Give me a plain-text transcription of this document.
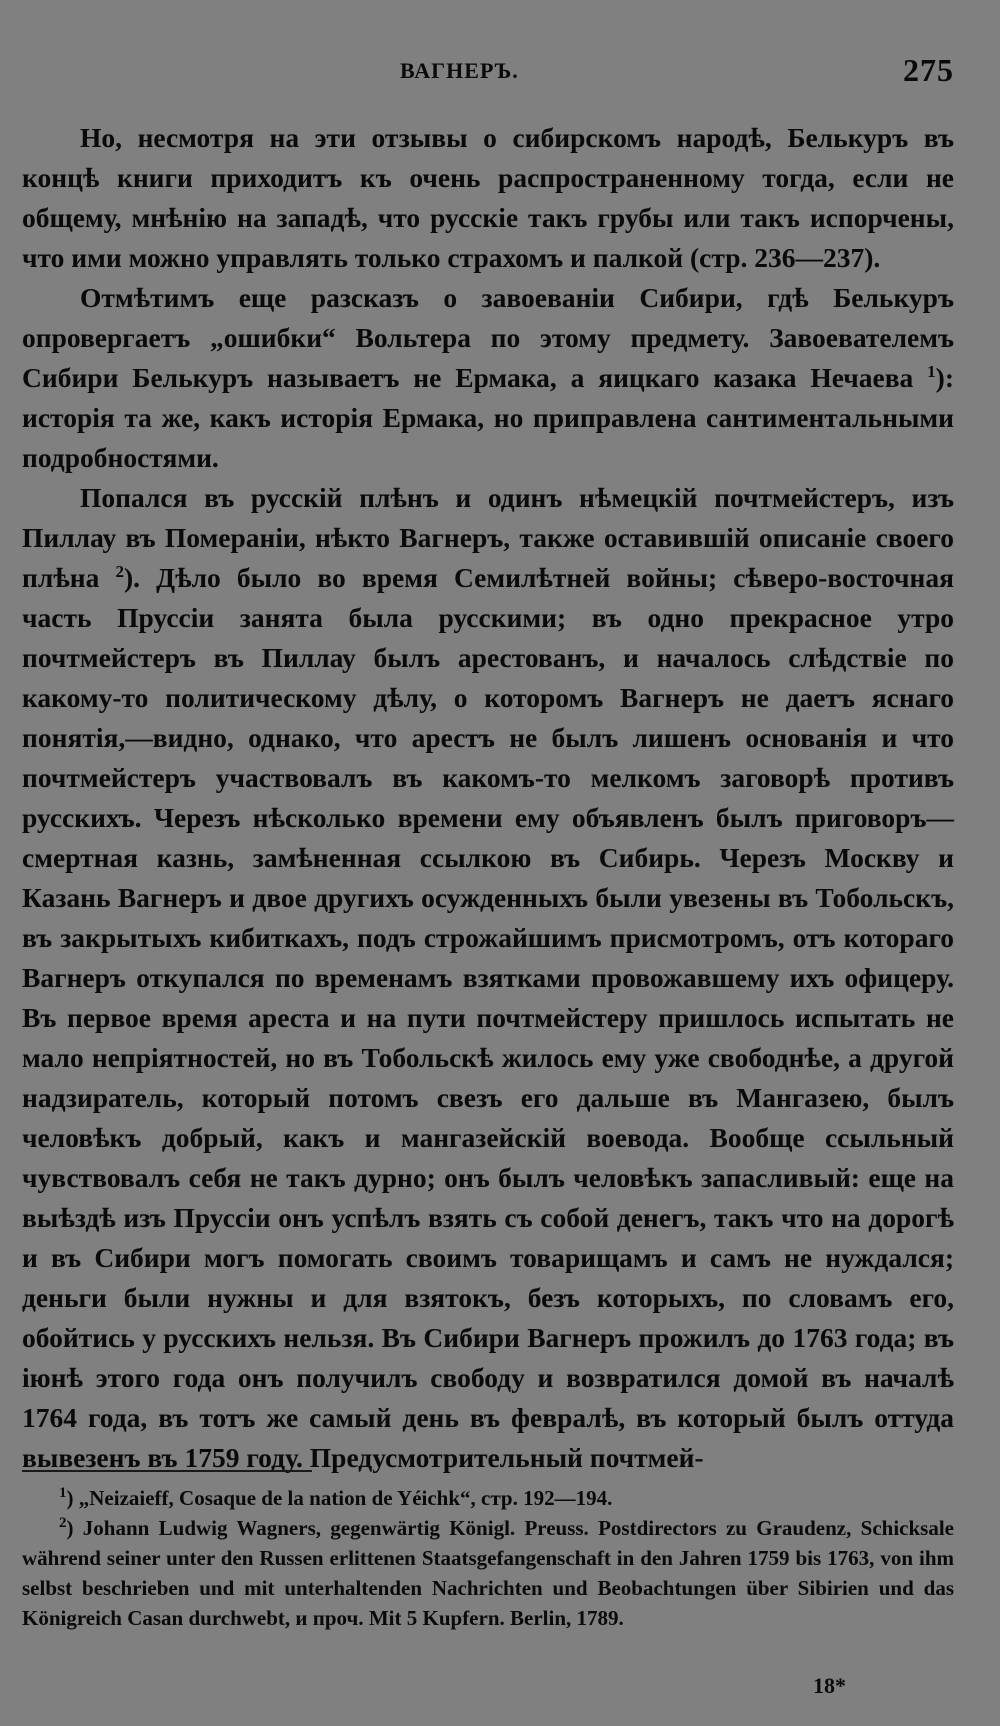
ВАГНЕРЪ.	275

Но, несмотря на эти отзывы о сибирскомъ народѣ, Белькуръ въ концѣ книги приходитъ къ очень распространенному тогда, если не общему, мнѣнію на западѣ, что русскіе такъ грубы или такъ испорчены, что ими можно управлять только страхомъ и палкой (стр. 236—237).

Отмѣтимъ еще разсказъ о завоеваніи Сибири, гдѣ Белькуръ опровергаетъ „ошибки“ Вольтера по этому предмету. Завоевателемъ Сибири Белькуръ называетъ не Ермака, а яицкаго казака Нечаева $^1$): исторія та же, какъ исторія Ермака, но приправлена сантиментальными подробностями.

Попался въ русскій плѣнъ и одинъ нѣмецкій почтмейстеръ, изъ Пиллау въ Помераніи, нѣкто Вагнеръ, также оставившій описаніе своего плѣна $^2$). Дѣло было во время Семилѣтней войны; сѣверо-восточная часть Пруссіи занята была русскими; въ одно прекрасное утро почтмейстеръ въ Пиллау былъ арестованъ, и началось слѣдствіе по какому-то политическому дѣлу, о которомъ Вагнеръ не даетъ яснаго понятія,—видно, однако, что арестъ не былъ лишенъ основанія и что почтмейстеръ участвовалъ въ какомъ-то мелкомъ заговорѣ противъ русскихъ. Черезъ нѣсколько времени ему объявленъ былъ приговоръ—смертная казнь, замѣненная ссылкою въ Сибирь. Черезъ Москву и Казань Вагнеръ и двое другихъ осужденныхъ были увезены въ Тобольскъ, въ закрытыхъ кибиткахъ, подъ строжайшимъ присмотромъ, отъ котораго Вагнеръ откупался по временамъ взятками провожавшему ихъ офицеру. Въ первое время ареста и на пути почтмейстеру пришлось испытать не мало непріятностей, но въ Тобольскѣ жилось ему уже свободнѣе, а другой надзиратель, который потомъ свезъ его дальше въ Мангазею, былъ человѣкъ добрый, какъ и мангазейскій воевода. Вообще ссыльный чувствовалъ себя не такъ дурно; онъ былъ человѣкъ запасливый: еще на выѣздѣ изъ Пруссіи онъ успѣлъ взять съ собой денегъ, такъ что на дорогѣ и въ Сибири могъ помогать своимъ товарищамъ и самъ не нуждался; деньги были нужны и для взятокъ, безъ которыхъ, по словамъ его, обойтись у русскихъ нельзя. Въ Сибири Вагнеръ прожилъ до 1763 года; въ іюнѣ этого года онъ получилъ свободу и возвратился домой въ началѣ 1764 года, въ тотъ же самый день въ февралѣ, въ который былъ оттуда вывезенъ въ 1759 году. Предусмотрительный почтмей-

$^1$) „Neizaieff, Cosaque de la nation de Yéichk“, стр. 192—194.

$^2$) Johann Ludwig Wagners, gegenwärtig Königl. Preuss. Postdirectors zu Graudenz, Schicksale während seiner unter den Russen erlittenen Staatsgefangenschaft in den Jahren 1759 bis 1763, von ihm selbst beschrieben und mit unterhaltenden Nachrichten und Beobachtungen über Sibirien und das Königreich Casan durchwebt, и проч. Mit 5 Kupfern. Berlin, 1789.

18*
